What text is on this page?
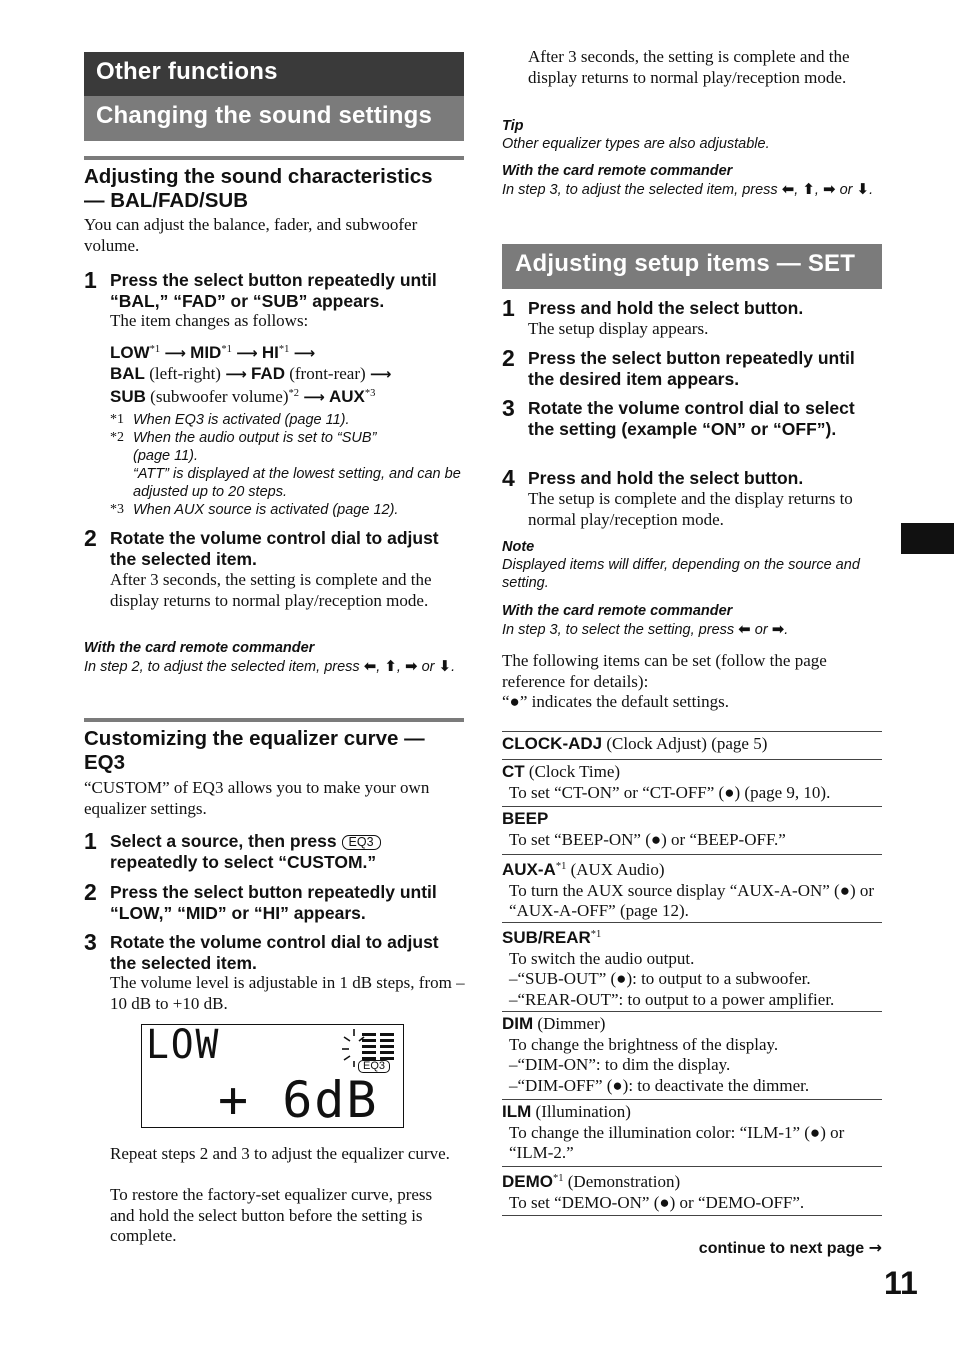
Other functions
Changing the sound settings
Adjusting the sound characteristics — BAL/FAD/SUB
You can adjust the balance, fader, and subwoofer volume.
1 Press the select button repeatedly until “BAL,” “FAD” or “SUB” appears.
The item changes as follows:
LOW$^{*1}$ ⟶ MID$^{*1}$ ⟶ HI$^{*1}$ ⟶
BAL (left-right) ⟶ FAD (front-rear) ⟶
SUB (subwoofer volume)$^{*2}$ ⟶ AUX$^{*3}$
*1 When EQ3 is activated (page 11).
*2 When the audio output is set to “SUB” (page 11).
“ATT” is displayed at the lowest setting, and can be adjusted up to 20 steps.
*3 When AUX source is activated (page 12).
2 Rotate the volume control dial to adjust the selected item.
After 3 seconds, the setting is complete and the display returns to normal play/reception mode.
With the card remote commander
In step 2, to adjust the selected item, press ⬅, ⬆, ➡ or ⬇.
Customizing the equalizer curve — EQ3
“CUSTOM” of EQ3 allows you to make your own equalizer settings.
1 Select a source, then press EQ3
repeatedly to select “CUSTOM.”
2 Press the select button repeatedly until “LOW,” “MID” or “HI” appears.
3 Rotate the volume control dial to adjust the selected item.
The volume level is adjustable in 1 dB steps, from –10 dB to +10 dB.
LOW
+ 6dB
EQ3
Repeat steps 2 and 3 to adjust the equalizer curve.
To restore the factory-set equalizer curve, press and hold the select button before the setting is complete.
After 3 seconds, the setting is complete and the display returns to normal play/reception mode.
Tip
Other equalizer types are also adjustable.
With the card remote commander
In step 3, to adjust the selected item, press ⬅, ⬆, ➡ or ⬇.
Adjusting setup items — SET
1 Press and hold the select button.
The setup display appears.
2 Press the select button repeatedly until the desired item appears.
3 Rotate the volume control dial to select the setting (example “ON” or “OFF”).
4 Press and hold the select button.
The setup is complete and the display returns to normal play/reception mode.
Note
Displayed items will differ, depending on the source and setting.
With the card remote commander
In step 3, to select the setting, press ⬅ or ➡.
The following items can be set (follow the page reference for details):
“●” indicates the default settings.
CLOCK-ADJ (Clock Adjust) (page 5)
CT (Clock Time)
To set “CT-ON” or “CT-OFF” (●) (page 9, 10).
BEEP
To set “BEEP-ON” (●) or “BEEP-OFF.”
AUX-$A^{*1}$ (AUX Audio)
To turn the AUX source display “AUX-A-ON” (●) or “AUX-A-OFF” (page 12).
SUB/REAR$^{*1}$
To switch the audio output.
–“SUB-OUT” (●): to output to a subwoofer.
–“REAR-OUT”: to output to a power amplifier.
DIM (Dimmer)
To change the brightness of the display.
–“DIM-ON”: to dim the display.
–“DIM-OFF” (●): to deactivate the dimmer.
ILM (Illumination)
To change the illumination color: “ILM-1” (●) or “ILM-2.”
DEMO$^{*1}$ (Demonstration)
To set “DEMO-ON” (●) or “DEMO-OFF”.
continue to next page →
11
